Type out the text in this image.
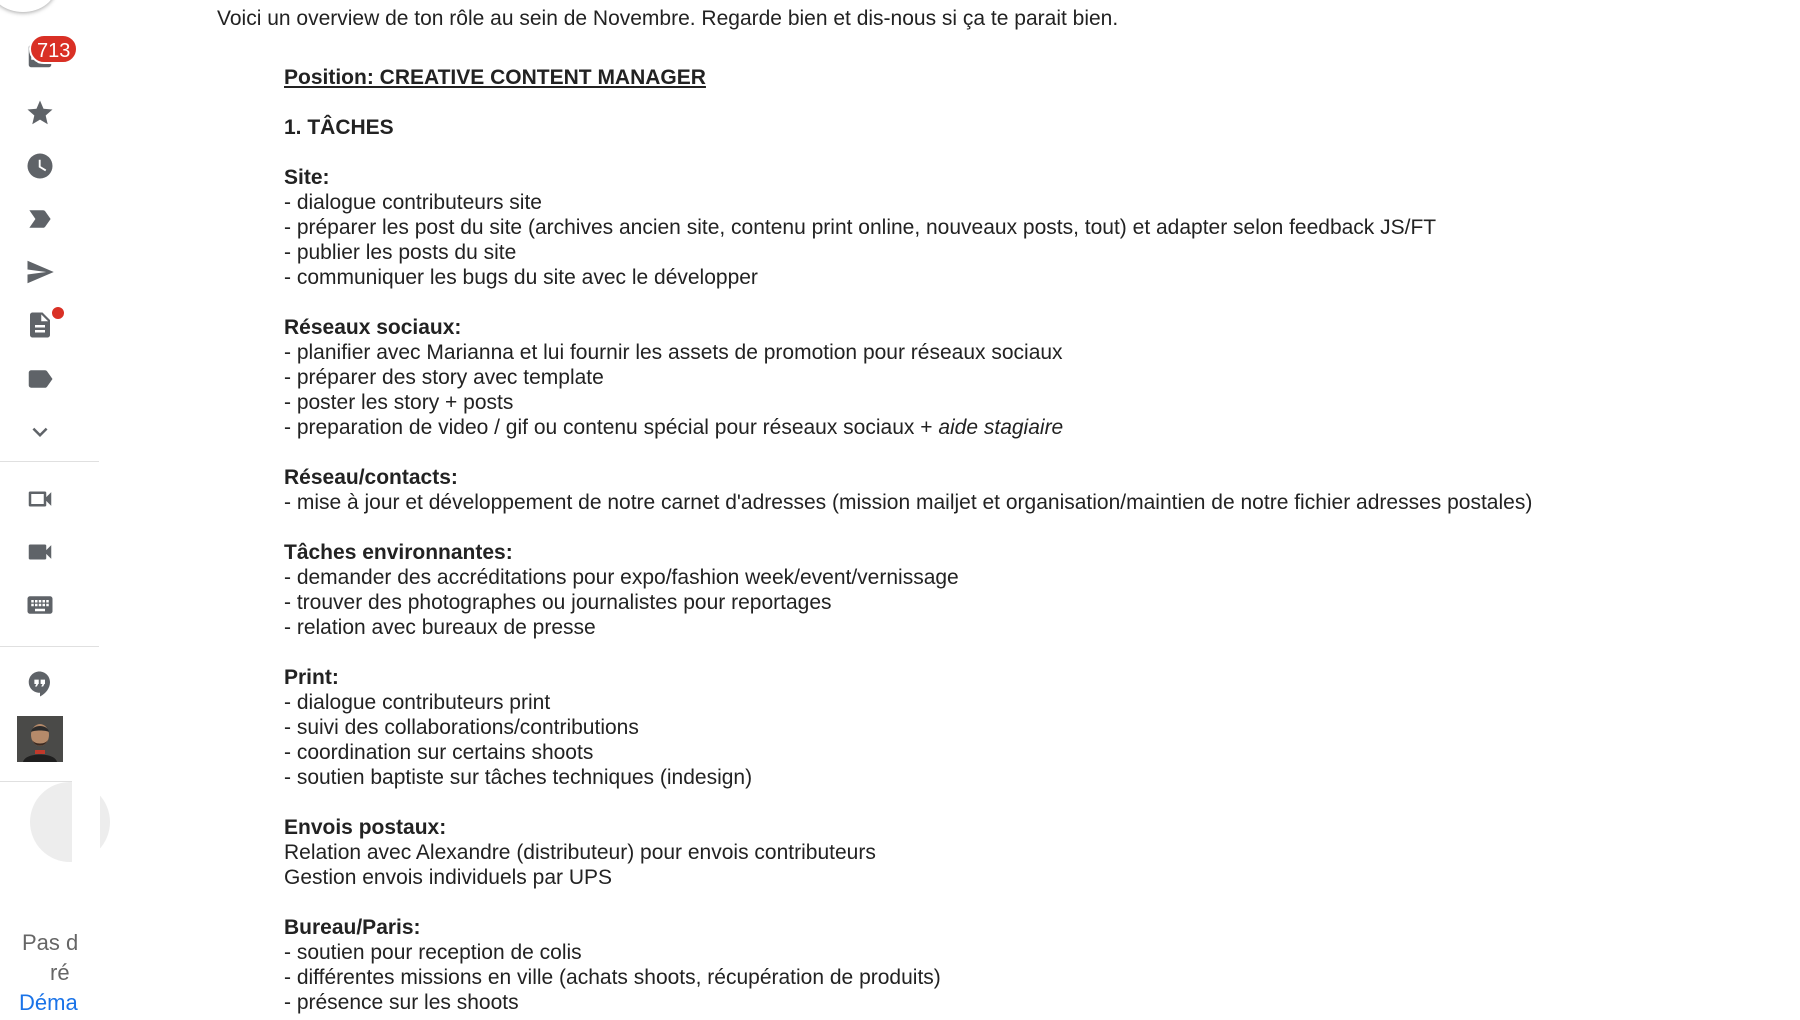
713
Pas d
ré
Déma
Voici un overview de ton rôle au sein de Novembre. Regarde bien et dis-nous si ça te parait bien.

Position: CREATIVE CONTENT MANAGER

1. TÂCHES

Site:

- dialogue contributeurs site
- préparer les post du site (archives ancien site, contenu print online, nouveaux posts, tout) et adapter selon feedback JS/FT
- publier les posts du site
- communiquer les bugs du site avec le développer

Réseaux sociaux:

- planifier avec Marianna et lui fournir les assets de promotion pour réseaux sociaux
- préparer des story avec template
- poster les story + posts
- preparation de video / gif ou contenu spécial pour réseaux sociaux + aide stagiaire

Réseau/contacts:

- mise à jour et développement de notre carnet d'adresses (mission mailjet et organisation/maintien de notre fichier adresses postales)

Tâches environnantes:

- demander des accréditations pour expo/fashion week/event/vernissage
- trouver des photographes ou journalistes pour reportages
- relation avec bureaux de presse

Print:

- dialogue contributeurs print
- suivi des collaborations/contributions
- coordination sur certains shoots
- soutien baptiste sur tâches techniques (indesign)

Envois postaux:

Relation avec Alexandre (distributeur) pour envois contributeurs
Gestion envois individuels par UPS

Bureau/Paris:

- soutien pour reception de colis
- différentes missions en ville (achats shoots, récupération de produits)
- présence sur les shoots
